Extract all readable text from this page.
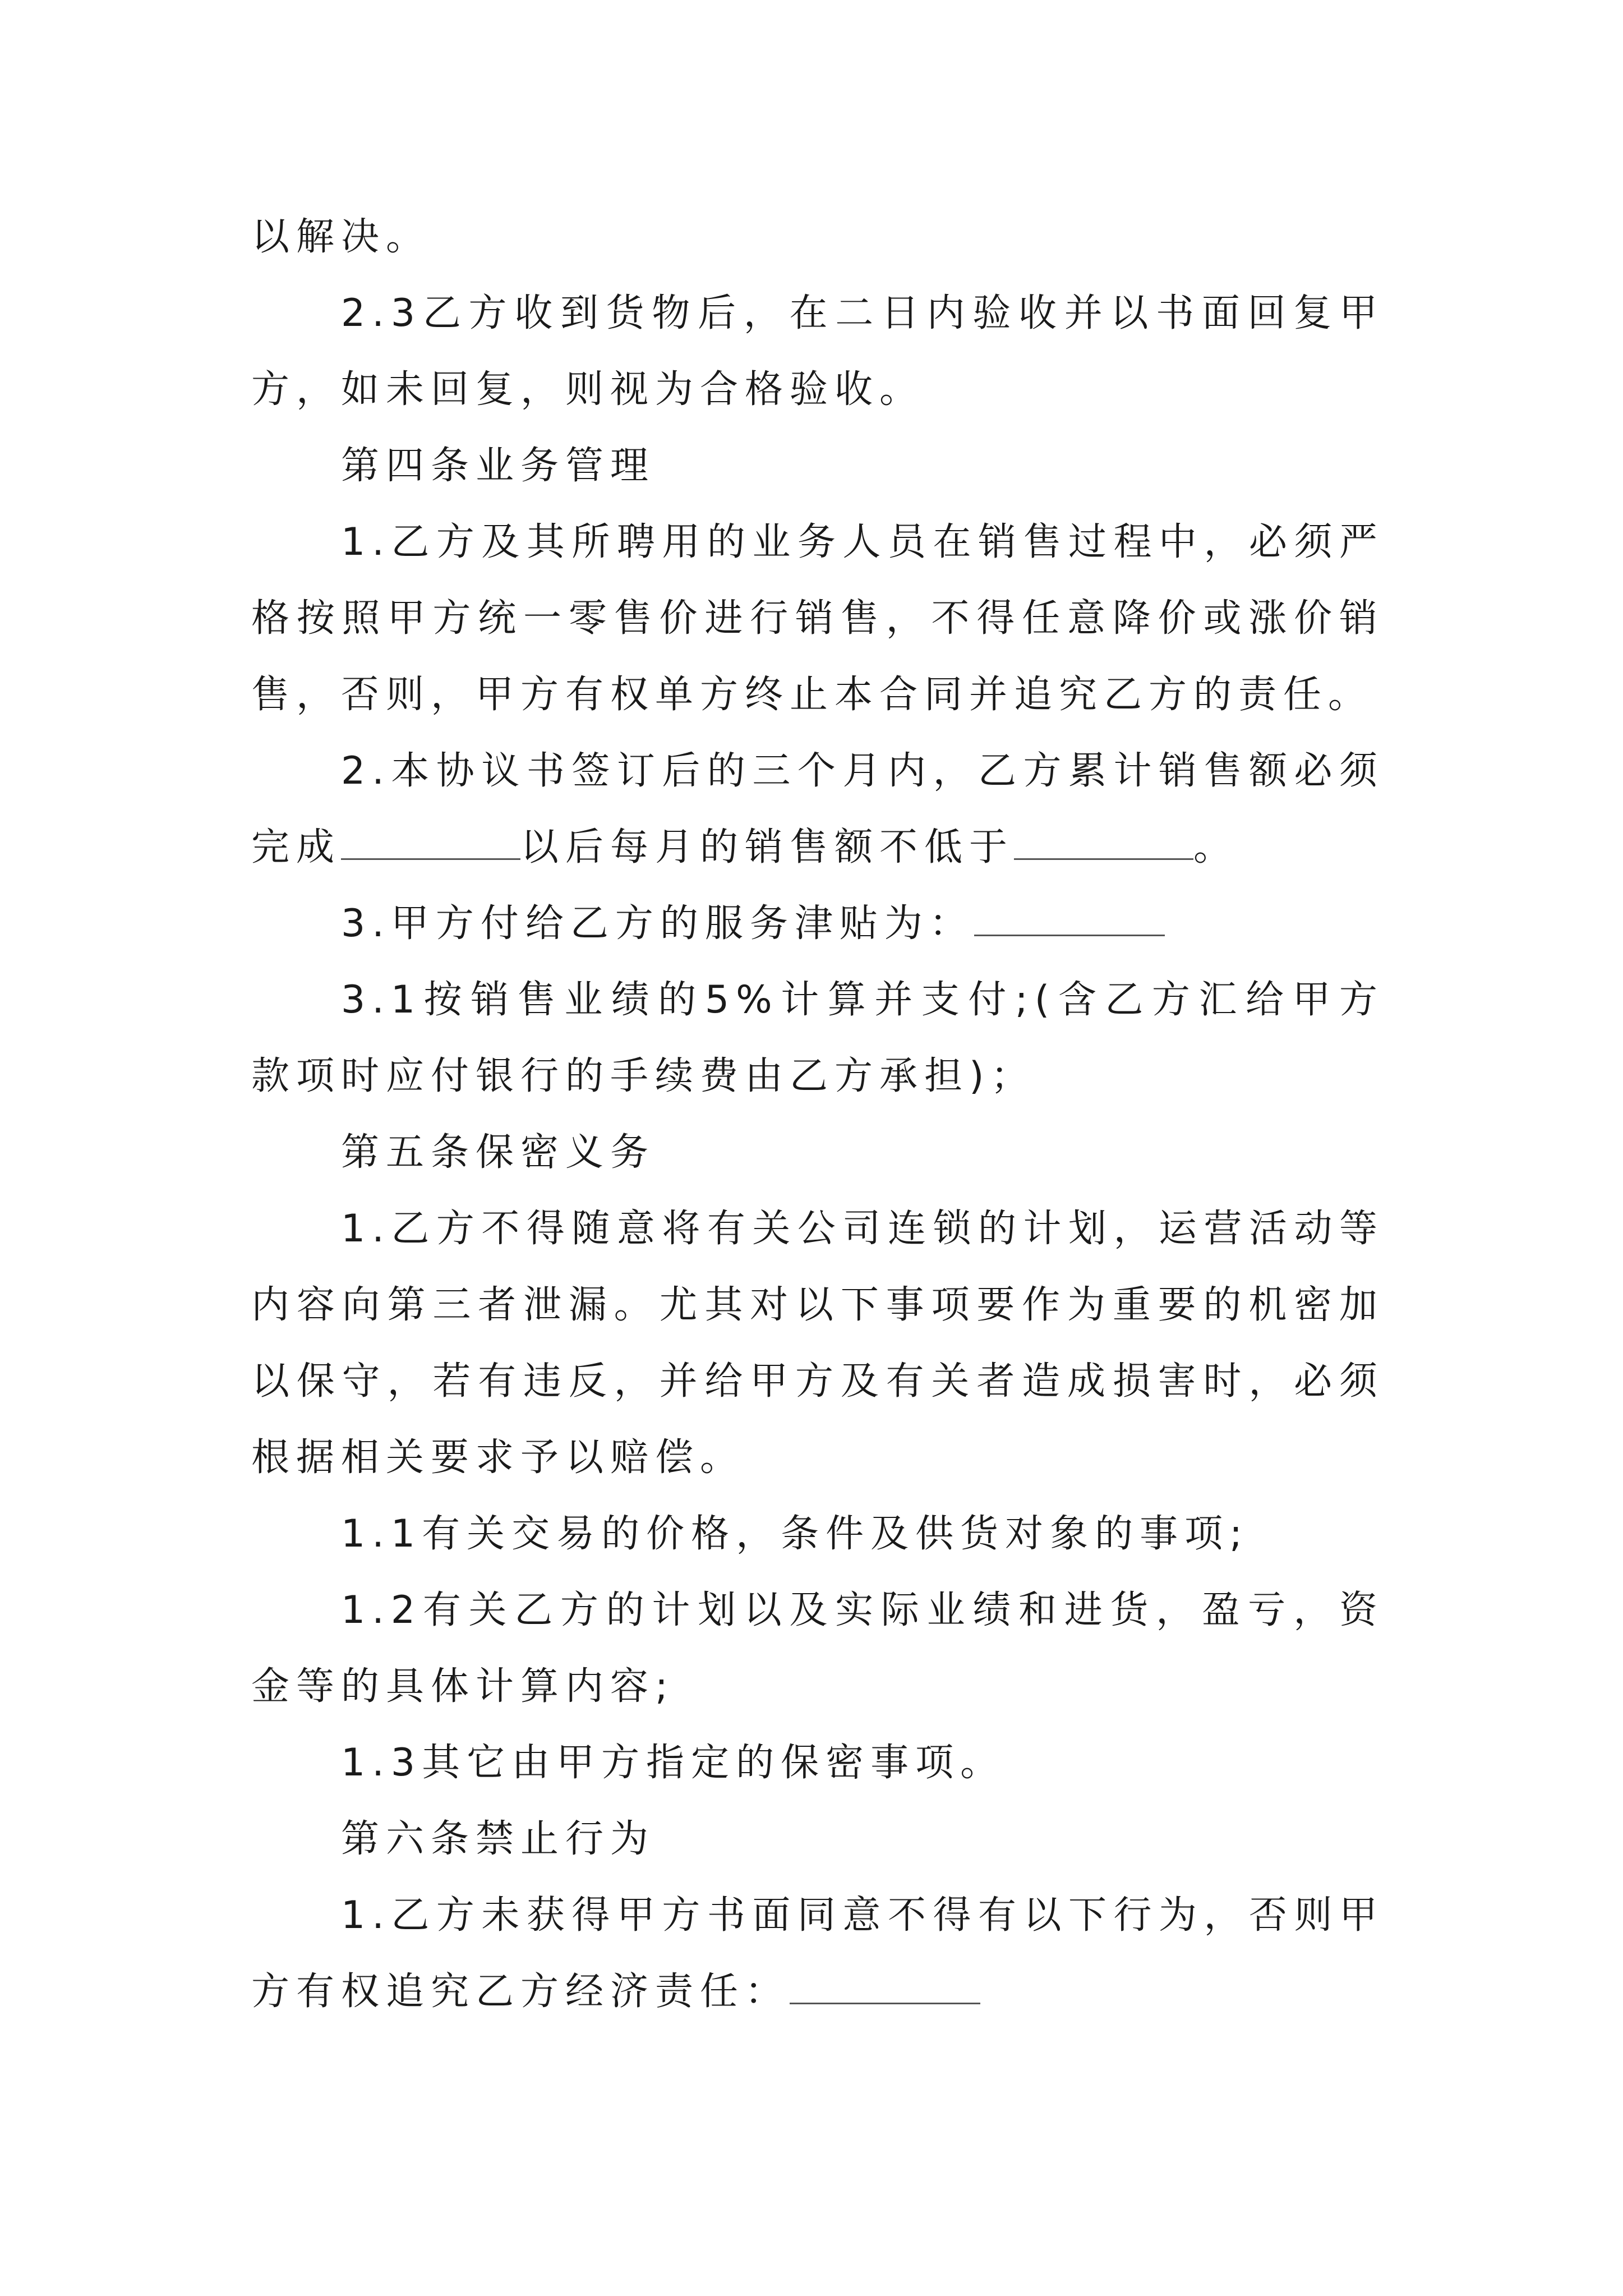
以解决。

2.3乙方收到货物后，在二日内验收并以书面回复甲方，如未回复，则视为合格验收。

第四条业务管理

1.乙方及其所聘用的业务人员在销售过程中，必须严格按照甲方统一零售价进行销售，不得任意降价或涨价销售，否则，甲方有权单方终止本合同并追究乙方的责任。

2.本协议书签订后的三个月内，乙方累计销售额必须完成	以后每月的销售额不低于	。

3.甲方付给乙方的服务津贴为：

3.1按销售业绩的5%计算并支付;(含乙方汇给甲方款项时应付银行的手续费由乙方承担)；

第五条保密义务

1.乙方不得随意将有关公司连锁的计划，运营活动等内容向第三者泄漏。尤其对以下事项要作为重要的机密加以保守，若有违反，并给甲方及有关者造成损害时，必须根据相关要求予以赔偿。

1.1有关交易的价格，条件及供货对象的事项;

1.2有关乙方的计划以及实际业绩和进货，盈亏，资金等的具体计算内容;

1.3其它由甲方指定的保密事项。

第六条禁止行为

1.乙方未获得甲方书面同意不得有以下行为，否则甲方有权追究乙方经济责任：
